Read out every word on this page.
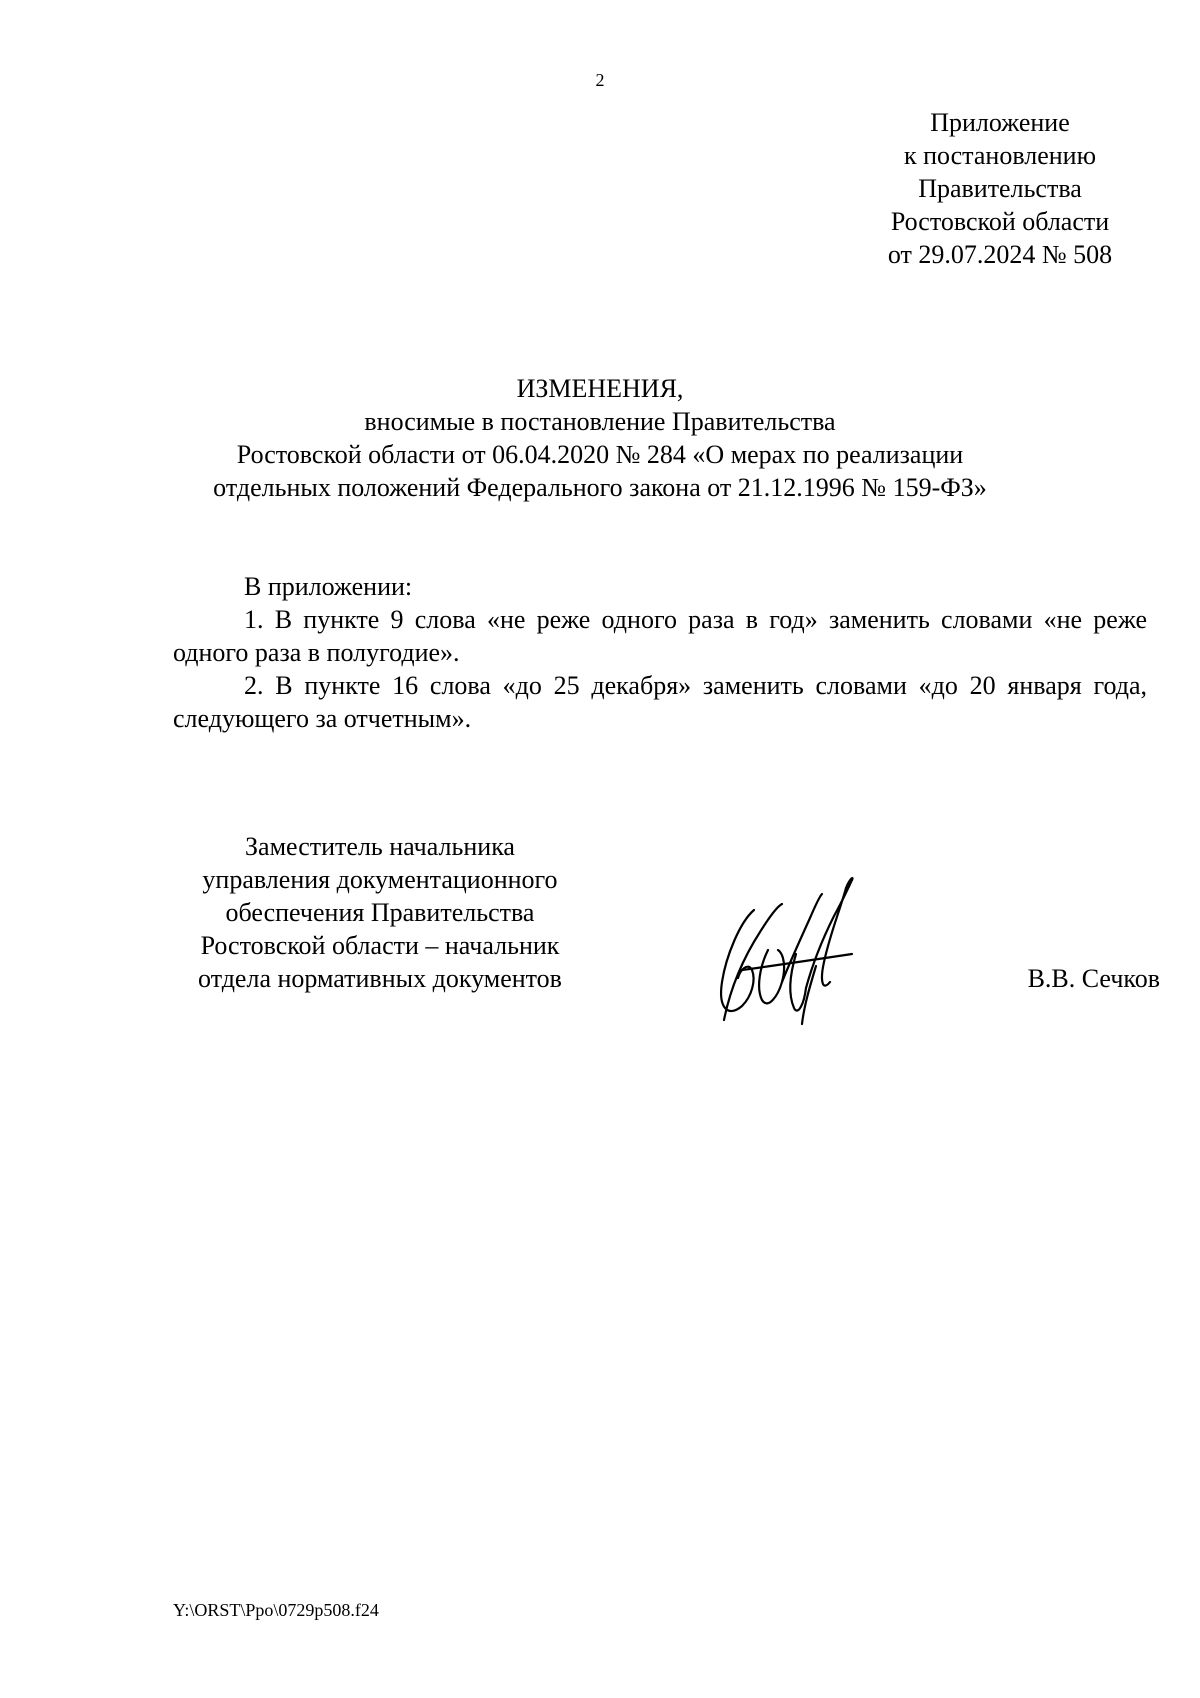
2
Приложение
к постановлению
Правительства
Ростовской области
от 29.07.2024 № 508
ИЗМЕНЕНИЯ,
вносимые в постановление Правительства
Ростовской области от 06.04.2020 № 284 «О мерах по реализации
отдельных положений Федерального закона от 21.12.1996 № 159-ФЗ»
В приложении:
1. В пункте 9 слова «не реже одного раза в год» заменить словами «не реже одного раза в полугодие».
2. В пункте 16 слова «до 25 декабря» заменить словами «до 20 января года, следующего за отчетным».
Заместитель начальника
управления документационного
обеспечения Правительства
Ростовской области – начальник
отдела нормативных документов	В.В. Сечков
Y:\ORST\Ppo\0729p508.f24
